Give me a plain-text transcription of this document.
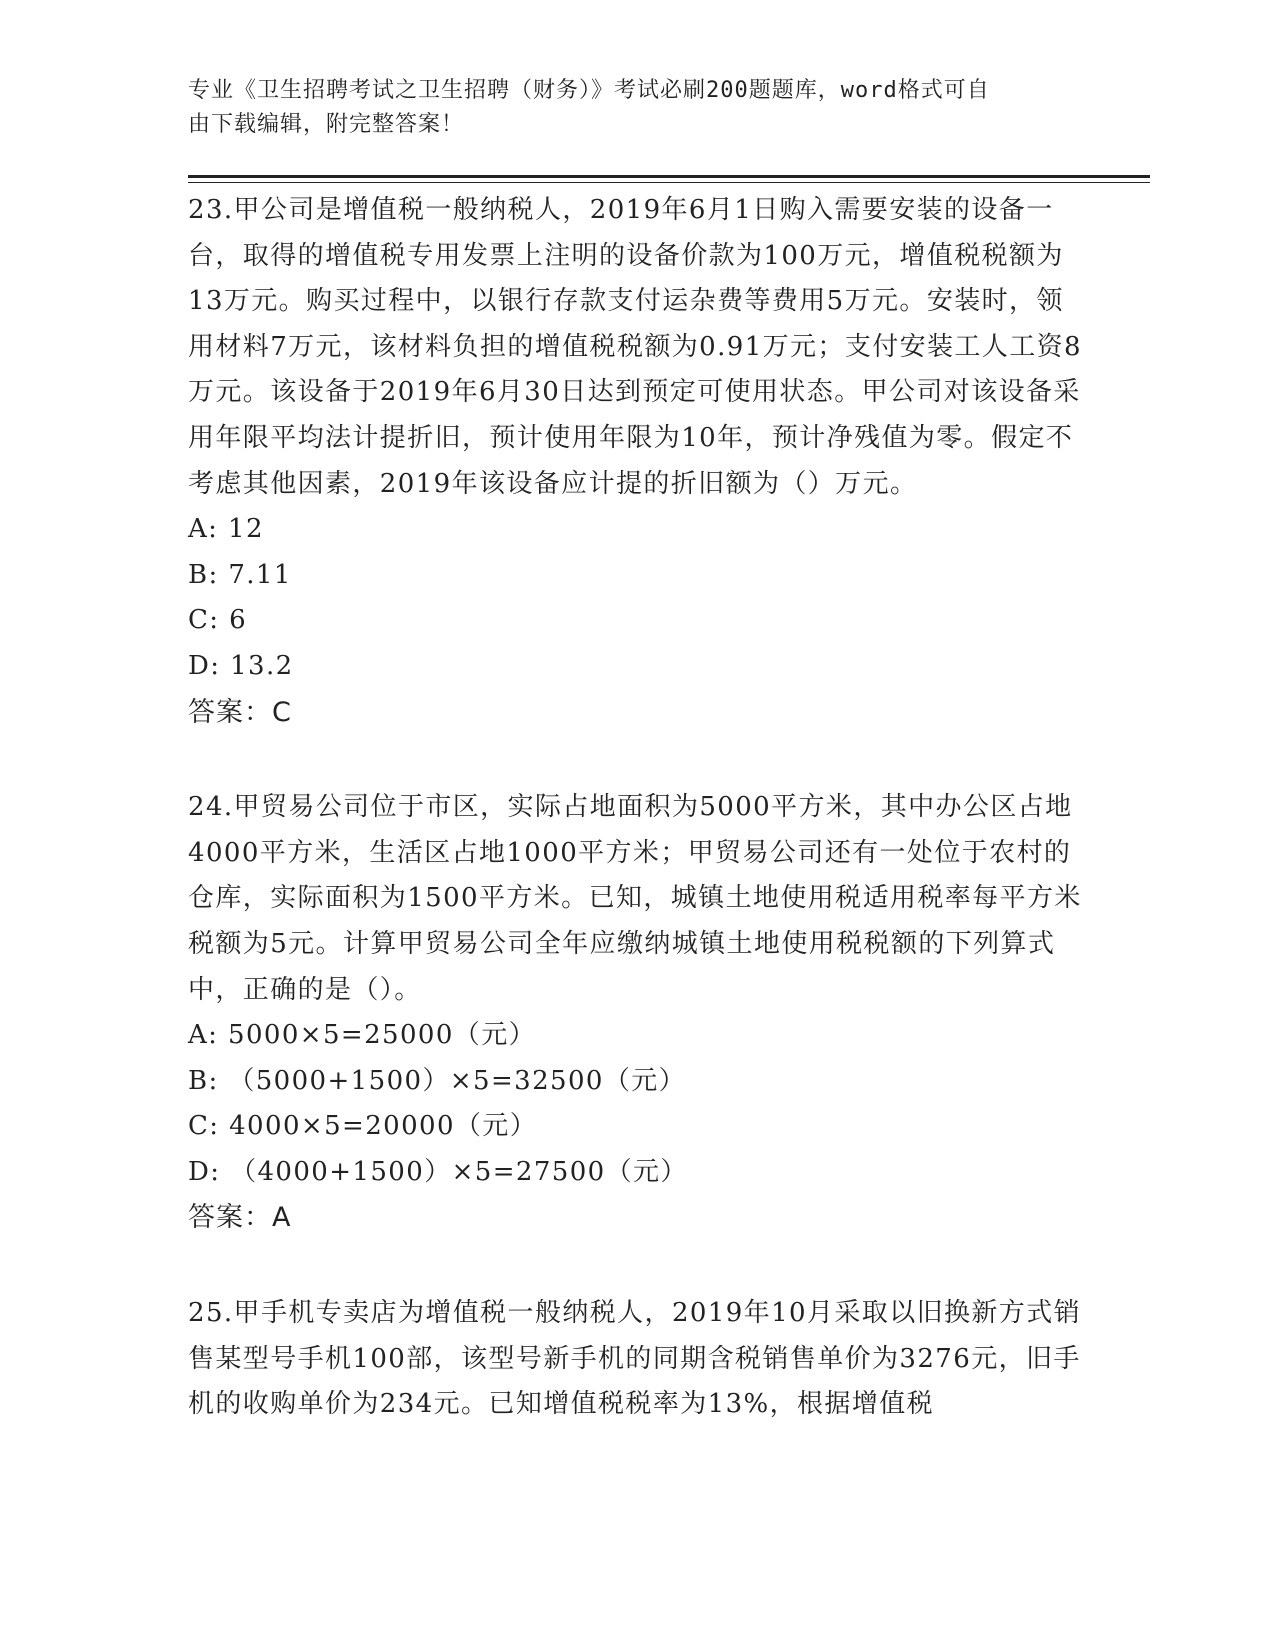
专业《卫生招聘考试之卫生招聘（财务）》考试必刷200题题库，word格式可自
由下载编辑，附完整答案！

23.甲公司是增值税一般纳税人，2019年6月1日购入需要安装的设备一台，取得的增值税专用发票上注明的设备价款为100万元，增值税税额为13万元。购买过程中，以银行存款支付运杂费等费用5万元。安装时，领用材料7万元，该材料负担的增值税税额为0.91万元；支付安装工人工资8万元。该设备于2019年6月30日达到预定可使用状态。甲公司对该设备采用年限平均法计提折旧，预计使用年限为10年，预计净残值为零。假定不考虑其他因素，2019年该设备应计提的折旧额为（）万元。

A: 12

B: 7.11

C: 6

D: 13.2

答案：C

24.甲贸易公司位于市区，实际占地面积为5000平方米，其中办公区占地4000平方米，生活区占地1000平方米；甲贸易公司还有一处位于农村的仓库，实际面积为1500平方米。已知，城镇土地使用税适用税率每平方米税额为5元。计算甲贸易公司全年应缴纳城镇土地使用税税额的下列算式中，正确的是（）。

A: 5000×5=25000（元）

B: （5000+1500）×5=32500（元）

C: 4000×5=20000（元）

D: （4000+1500）×5=27500（元）

答案：A

25.甲手机专卖店为增值税一般纳税人，2019年10月采取以旧换新方式销售某型号手机100部，该型号新手机的同期含税销售单价为3276元，旧手机的收购单价为234元。已知增值税税率为13%，根据增值税
